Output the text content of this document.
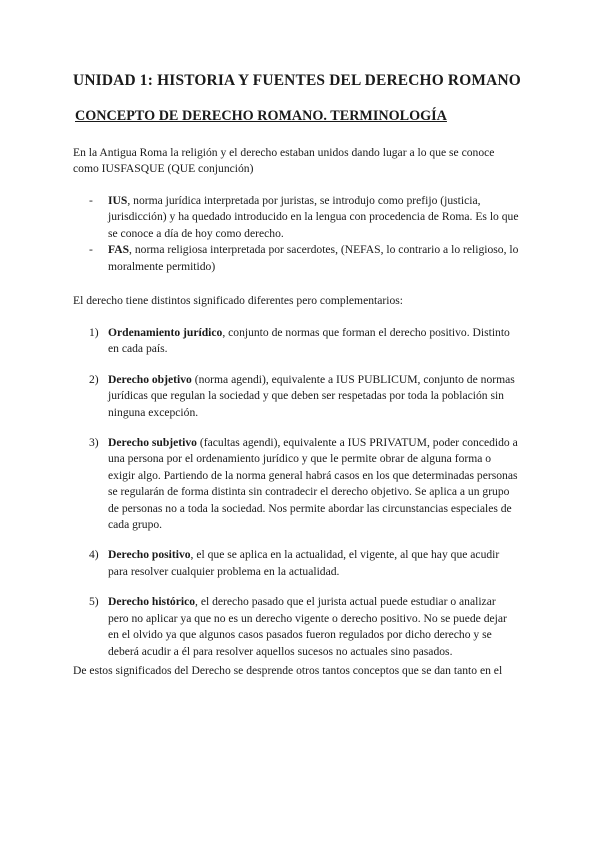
UNIDAD 1: HISTORIA Y FUENTES DEL DERECHO ROMANO
CONCEPTO DE DERECHO ROMANO. TERMINOLOGÍA

En la Antigua Roma la religión y el derecho estaban unidos dando lugar a lo que se conoce como IUSFASQUE (QUE conjunción)

- IUS, norma jurídica interpretada por juristas, se introdujo como prefijo (justicia, jurisdicción) y ha quedado introducido en la lengua con procedencia de Roma. Es lo que se conoce a día de hoy como derecho.
- FAS, norma religiosa interpretada por sacerdotes, (NEFAS, lo contrario a lo religioso, lo moralmente permitido)

El derecho tiene distintos significado diferentes pero complementarios:

1) Ordenamiento jurídico, conjunto de normas que forman el derecho positivo. Distinto en cada país.
2) Derecho objetivo (norma agendi), equivalente a IUS PUBLICUM, conjunto de normas jurídicas que regulan la sociedad y que deben ser respetadas por toda la población sin ninguna excepción.
3) Derecho subjetivo (facultas agendi), equivalente a IUS PRIVATUM, poder concedido a una persona por el ordenamiento jurídico y que le permite obrar de alguna forma o exigir algo. Partiendo de la norma general habrá casos en los que determinadas personas se regularán de forma distinta sin contradecir el derecho objetivo. Se aplica a un grupo de personas no a toda la sociedad. Nos permite abordar las circunstancias especiales de cada grupo.
4) Derecho positivo, el que se aplica en la actualidad, el vigente, al que hay que acudir para resolver cualquier problema en la actualidad.
5) Derecho histórico, el derecho pasado que el jurista actual puede estudiar o analizar pero no aplicar ya que no es un derecho vigente o derecho positivo. No se puede dejar en el olvido ya que algunos casos pasados fueron regulados por dicho derecho y se deberá acudir a él para resolver aquellos sucesos no actuales sino pasados.

De estos significados del Derecho se desprende otros tantos conceptos que se dan tanto en el
